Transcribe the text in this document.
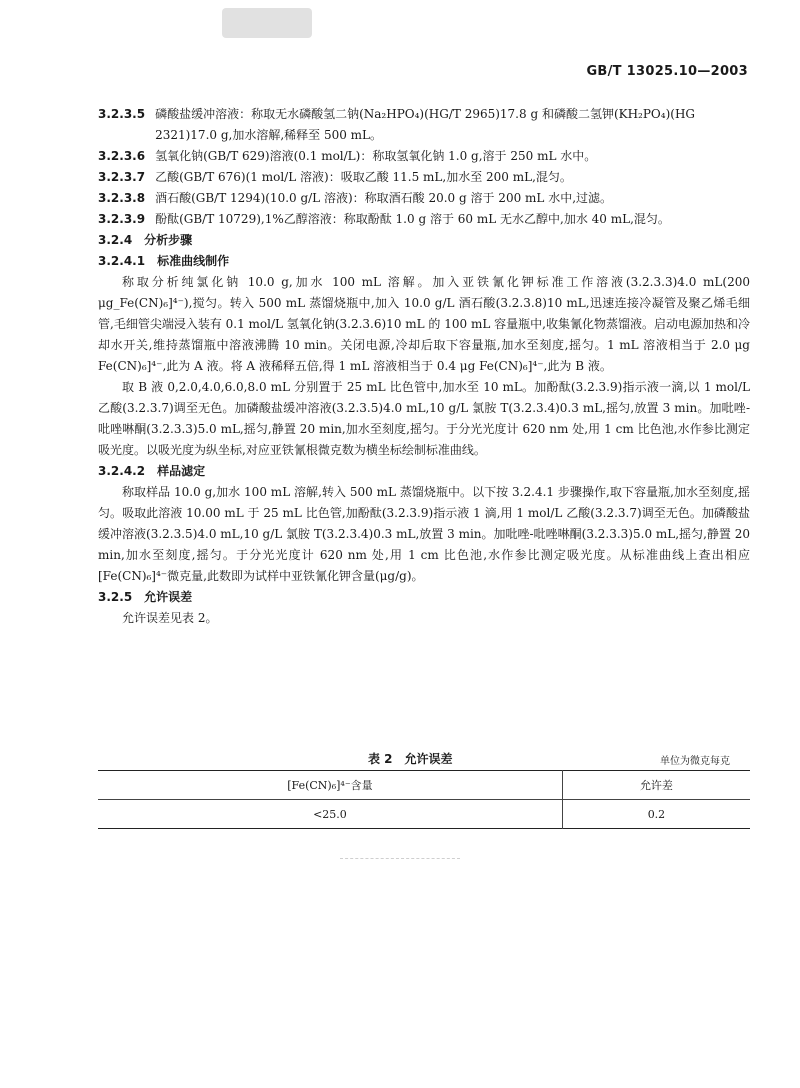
GB/T 13025.10—2003
3.2.3.5 磷酸盐缓冲溶液：称取无水磷酸氢二钠(Na₂HPO₄)(HG/T 2965)17.8 g 和磷酸二氢钾(KH₂PO₄)(HG 2321)17.0 g,加水溶解,稀释至 500 mL。
3.2.3.6 氢氧化钠(GB/T 629)溶液(0.1 mol/L)：称取氢氧化钠 1.0 g,溶于 250 mL 水中。
3.2.3.7 乙酸(GB/T 676)(1 mol/L 溶液)：吸取乙酸 11.5 mL,加水至 200 mL,混匀。
3.2.3.8 酒石酸(GB/T 1294)(10.0 g/L 溶液)：称取酒石酸 20.0 g 溶于 200 mL 水中,过滤。
3.2.3.9 酚酞(GB/T 10729),1%乙醇溶液：称取酚酞 1.0 g 溶于 60 mL 无水乙醇中,加水 40 mL,混匀。
3.2.4 分析步骤
3.2.4.1 标准曲线制作

称取分析纯氯化钠 10.0 g,加水 100 mL 溶解。加入亚铁氰化钾标准工作溶液(3.2.3.3)4.0 mL(200 μg_Fe(CN)₆]⁴⁻),搅匀。转入 500 mL 蒸馏烧瓶中,加入 10.0 g/L 酒石酸(3.2.3.8)10 mL,迅速连接冷凝管及聚乙烯毛细管,毛细管尖端浸入装有 0.1 mol/L 氢氧化钠(3.2.3.6)10 mL 的 100 mL 容量瓶中,收集氰化物蒸馏液。启动电源加热和冷却水开关,维持蒸馏瓶中溶液沸腾 10 min。关闭电源,冷却后取下容量瓶,加水至刻度,摇匀。1 mL 溶液相当于 2.0 μg Fe(CN)₆]⁴⁻,此为 A 液。将 A 液稀释五倍,得 1 mL 溶液相当于 0.4 μg Fe(CN)₆]⁴⁻,此为 B 液。

取 B 液 0,2.0,4.0,6.0,8.0 mL 分别置于 25 mL 比色管中,加水至 10 mL。加酚酞(3.2.3.9)指示液一滴,以 1 mol/L 乙酸(3.2.3.7)调至无色。加磷酸盐缓冲溶液(3.2.3.5)4.0 mL,10 g/L 氯胺 T(3.2.3.4)0.3 mL,摇匀,放置 3 min。加吡唑-吡唑啉酮(3.2.3.3)5.0 mL,摇匀,静置 20 min,加水至刻度,摇匀。于分光光度计 620 nm 处,用 1 cm 比色池,水作参比测定吸光度。以吸光度为纵坐标,对应亚铁氰根微克数为横坐标绘制标准曲线。

3.2.4.2 样品滤定

称取样品 10.0 g,加水 100 mL 溶解,转入 500 mL 蒸馏烧瓶中。以下按 3.2.4.1 步骤操作,取下容量瓶,加水至刻度,摇匀。吸取此溶液 10.00 mL 于 25 mL 比色管,加酚酞(3.2.3.9)指示液 1 滴,用 1 mol/L 乙酸(3.2.3.7)调至无色。加磷酸盐缓冲溶液(3.2.3.5)4.0 mL,10 g/L 氯胺 T(3.2.3.4)0.3 mL,放置 3 min。加吡唑-吡唑啉酮(3.2.3.3)5.0 mL,摇匀,静置 20 min,加水至刻度,摇匀。于分光光度计 620 nm 处,用 1 cm 比色池,水作参比测定吸光度。从标准曲线上查出相应[Fe(CN)₆]⁴⁻微克量,此数即为试样中亚铁氰化钾含量(μg/g)。

3.2.5 允许误差

允许误差见表 2。

表 2　允许误差	单位为微克每克
[Fe(CN)₆]⁴⁻含量	允许差
<25.0	0.2
